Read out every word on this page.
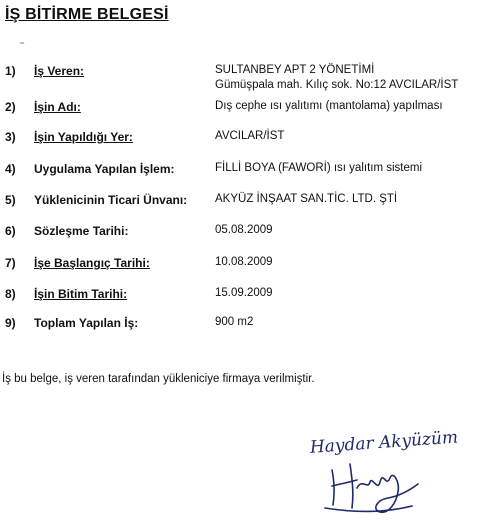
İŞ BİTİRME BELGESİ
1) İş Veren:	SULTANBEY APT 2 YÖNETİMİ
Gümüşpala mah. Kılıç sok. No:12 AVCILAR/İST
2) İşin Adı:	Dış cephe ısı yalıtımı (mantolama) yapılması
3) İşin Yapıldığı Yer:	AVCILAR/İST
4) Uygulama Yapılan İşlem:	FİLLİ BOYA (FAWORİ) ısı yalıtım sistemi
5) Yüklenicinin Ticari Ünvanı: AKYÜZ İNŞAAT SAN.TİC. LTD. ŞTİ
6) Sözleşme Tarihi:	05.08.2009
7) İşe Başlangıç Tarihi:	10.08.2009
8) İşin Bitim Tarihi:	15.09.2009
9) Toplam Yapılan İş:	900 m2
İş bu belge, iş veren tarafından yükleniciye firmaya verilmiştir.
Haydar Akyüzüm
